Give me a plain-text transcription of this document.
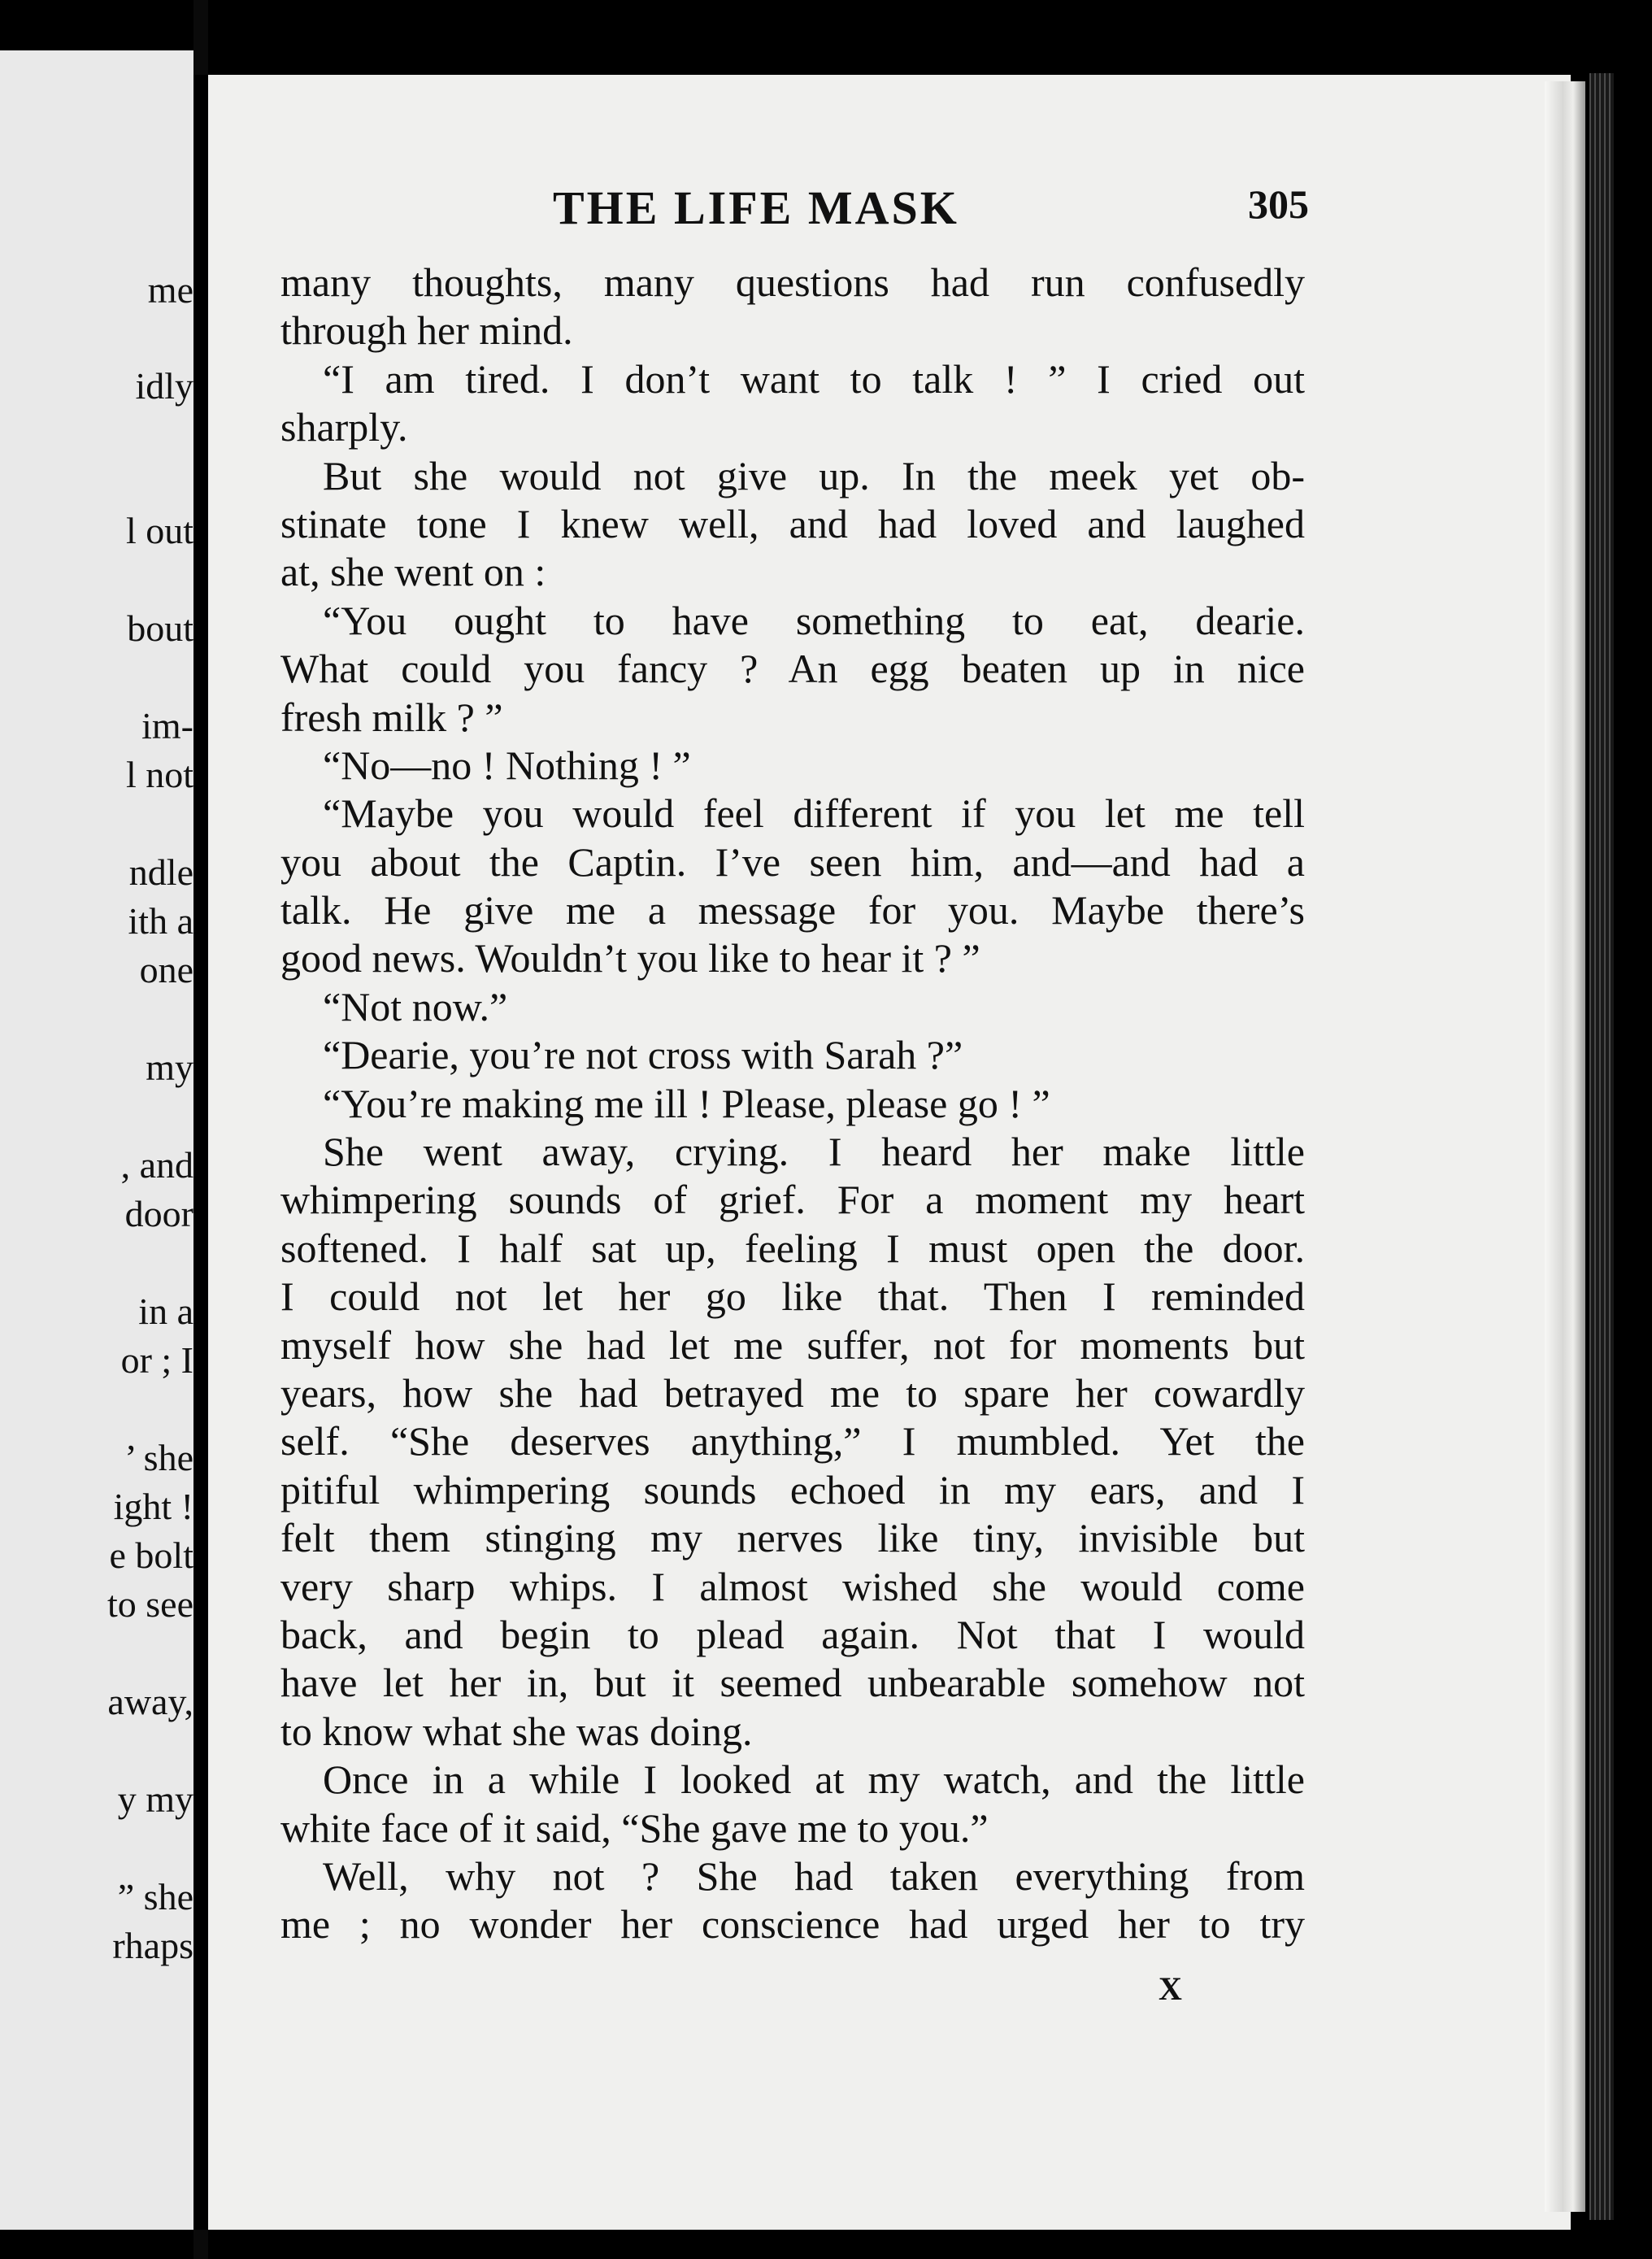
me
idly
l out
bout
im-
l not
ndle
ith a
one
my
, and
door
in a
or ; I
’ she
ight !
e bolt
to see
away,
y my
” she
rhaps
THE LIFE MASK	305
many thoughts, many questions had run confusedly
through her mind.
“I am tired. I don’t want to talk ! ” I cried out
sharply.
But she would not give up. In the meek yet ob-
stinate tone I knew well, and had loved and laughed
at, she went on :
“You ought to have something to eat, dearie.
What could you fancy ? An egg beaten up in nice
fresh milk ? ”
“No—no ! Nothing ! ”
“Maybe you would feel different if you let me tell
you about the Captin. I’ve seen him, and—and had a
talk. He give me a message for you. Maybe there’s
good news. Wouldn’t you like to hear it ? ”
“Not now.”
“Dearie, you’re not cross with Sarah ?”
“You’re making me ill ! Please, please go ! ”
She went away, crying. I heard her make little
whimpering sounds of grief. For a moment my heart
softened. I half sat up, feeling I must open the door.
I could not let her go like that. Then I reminded
myself how she had let me suffer, not for moments but
years, how she had betrayed me to spare her cowardly
self. “She deserves anything,” I mumbled. Yet the
pitiful whimpering sounds echoed in my ears, and I
felt them stinging my nerves like tiny, invisible but
very sharp whips. I almost wished she would come
back, and begin to plead again. Not that I would
have let her in, but it seemed unbearable somehow not
to know what she was doing.
Once in a while I looked at my watch, and the little
white face of it said, “She gave me to you.”
Well, why not ? She had taken everything from
me ; no wonder her conscience had urged her to try
X
